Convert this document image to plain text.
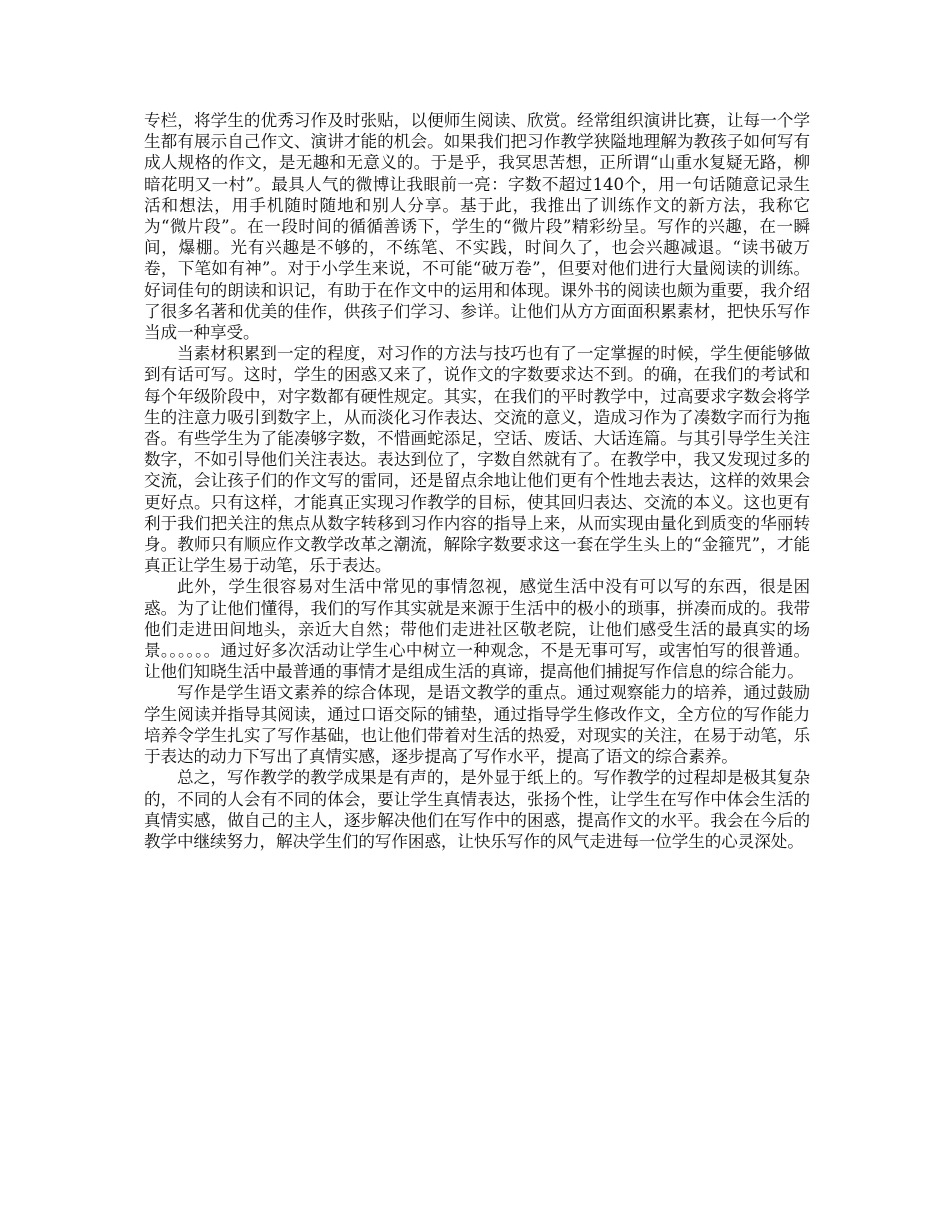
专栏，将学生的优秀习作及时张贴，以便师生阅读、欣赏。经常组织演讲比赛，让每一个学生都有展示自己作文、演讲才能的机会。如果我们把习作教学狭隘地理解为教孩子如何写有成人规格的作文，是无趣和无意义的。于是乎，我冥思苦想，正所谓“山重水复疑无路，柳暗花明又一村”。最具人气的微博让我眼前一亮：字数不超过140个，用一句话随意记录生活和想法，用手机随时随地和别人分享。基于此，我推出了训练作文的新方法，我称它为“微片段”。在一段时间的循循善诱下，学生的“微片段”精彩纷呈。写作的兴趣，在一瞬间，爆棚。光有兴趣是不够的，不练笔、不实践，时间久了，也会兴趣减退。“读书破万卷，下笔如有神”。对于小学生来说，不可能“破万卷”，但要对他们进行大量阅读的训练。好词佳句的朗读和识记，有助于在作文中的运用和体现。课外书的阅读也颇为重要，我介绍了很多名著和优美的佳作，供孩子们学习、参详。让他们从方方面面积累素材，把快乐写作当成一种享受。

当素材积累到一定的程度，对习作的方法与技巧也有了一定掌握的时候，学生便能够做到有话可写。这时，学生的困惑又来了，说作文的字数要求达不到。的确，在我们的考试和每个年级阶段中，对字数都有硬性规定。其实，在我们的平时教学中，过高要求字数会将学生的注意力吸引到数字上，从而淡化习作表达、交流的意义，造成习作为了凑数字而行为拖沓。有些学生为了能凑够字数，不惜画蛇添足，空话、废话、大话连篇。与其引导学生关注数字，不如引导他们关注表达。表达到位了，字数自然就有了。在教学中，我又发现过多的交流，会让孩子们的作文写的雷同，还是留点余地让他们更有个性地去表达，这样的效果会更好点。只有这样，才能真正实现习作教学的目标，使其回归表达、交流的本义。这也更有利于我们把关注的焦点从数字转移到习作内容的指导上来，从而实现由量化到质变的华丽转身。教师只有顺应作文教学改革之潮流，解除字数要求这一套在学生头上的“金箍咒”，才能真正让学生易于动笔，乐于表达。

此外，学生很容易对生活中常见的事情忽视，感觉生活中没有可以写的东西，很是困惑。为了让他们懂得，我们的写作其实就是来源于生活中的极小的琐事，拼凑而成的。我带他们走进田间地头，亲近大自然；带他们走进社区敬老院，让他们感受生活的最真实的场景。。。。。。通过好多次活动让学生心中树立一种观念，不是无事可写，或害怕写的很普通。让他们知晓生活中最普通的事情才是组成生活的真谛，提高他们捕捉写作信息的综合能力。

写作是学生语文素养的综合体现，是语文教学的重点。通过观察能力的培养，通过鼓励学生阅读并指导其阅读，通过口语交际的铺垫，通过指导学生修改作文，全方位的写作能力培养令学生扎实了写作基础，也让他们带着对生活的热爱，对现实的关注，在易于动笔，乐于表达的动力下写出了真情实感，逐步提高了写作水平，提高了语文的综合素养。

总之，写作教学的教学成果是有声的，是外显于纸上的。写作教学的过程却是极其复杂的，不同的人会有不同的体会，要让学生真情表达，张扬个性，让学生在写作中体会生活的真情实感，做自己的主人，逐步解决他们在写作中的困惑，提高作文的水平。我会在今后的教学中继续努力，解决学生们的写作困惑，让快乐写作的风气走进每一位学生的心灵深处。
